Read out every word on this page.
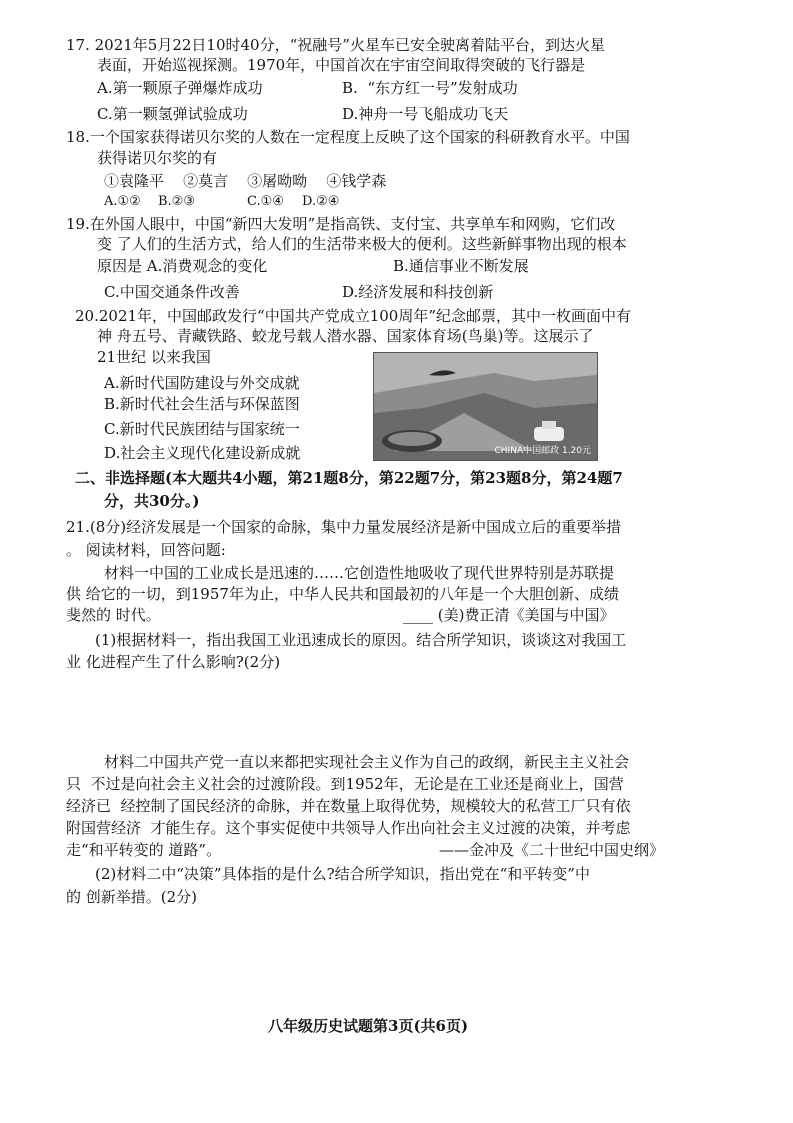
17. 2021年5月22日10时40分，“祝融号”火星车已安全驶离着陆平台，到达火星
表面，开始巡视探测。1970年，中国首次在宇宙空间取得突破的飞行器是
A.第一颗原子弹爆炸成功	B.  “东方红一号”发射成功
C.第一颗氢弹试验成功	D.神舟一号飞船成功飞天
18.一个国家获得诺贝尔奖的人数在一定程度上反映了这个国家的科研教育水平。中国
获得诺贝尔奖的有
①袁隆平    ②莫言    ③屠呦呦    ④钱学森
A.①② B.②③	C.①④ D.②④
19.在外国人眼中，中国“新四大发明”是指高铁、支付宝、共享单车和网购，它们改
变 了人们的生活方式，给人们的生活带来极大的便利。这些新鲜事物出现的根本
原因是 A.消费观念的变化	B.通信事业不断发展
C.中国交通条件改善	D.经济发展和科技创新
20.2021年，中国邮政发行“中国共产党成立100周年”纪念邮票，其中一枚画面中有
神 舟五号、青藏铁路、蛟龙号载人潜水器、国家体育场(鸟巢)等。这展示了
21世纪 以来我国
A.新时代国防建设与外交成就
B.新时代社会生活与环保蓝图
C.新时代民族团结与国家统一
D.社会主义现代化建设新成就	CHINA中国邮政 1.20元
二、非选择题(本大题共4小题，第21题8分，第22题7分，第23题8分，第24题7
分，共30分。)
21.(8分)经济发展是一个国家的命脉，集中力量发展经济是新中国成立后的重要举措
。 阅读材料，回答问题:
材料一中国的工业成长是迅速的……它创造性地吸收了现代世界特别是苏联提
供 给它的一切，到1957年为止，中华人民共和国最初的八年是一个大胆创新、成绩
斐然的 时代。	____ (美)费正清《美国与中国》
(1)根据材料一，指出我国工业迅速成长的原因。结合所学知识，谈谈这对我国工
业 化进程产生了什么影响?(2分)
材料二中国共产党一直以来都把实现社会主义作为自己的政纲，新民主主义社会
只  不过是向社会主义社会的过渡阶段。到1952年，无论是在工业还是商业上，国营
经济已  经控制了国民经济的命脉，并在数量上取得优势，规模较大的私营工厂只有依
附国营经济  才能生存。这个事实促使中共领导人作出向社会主义过渡的决策，并考虑
走“和平转变的 道路”。	——金冲及《二十世纪中国史纲》
(2)材料二中“决策”具体指的是什么?结合所学知识，指出党在“和平转变”中
的 创新举措。(2分)
八年级历史试题第3页(共6页)
